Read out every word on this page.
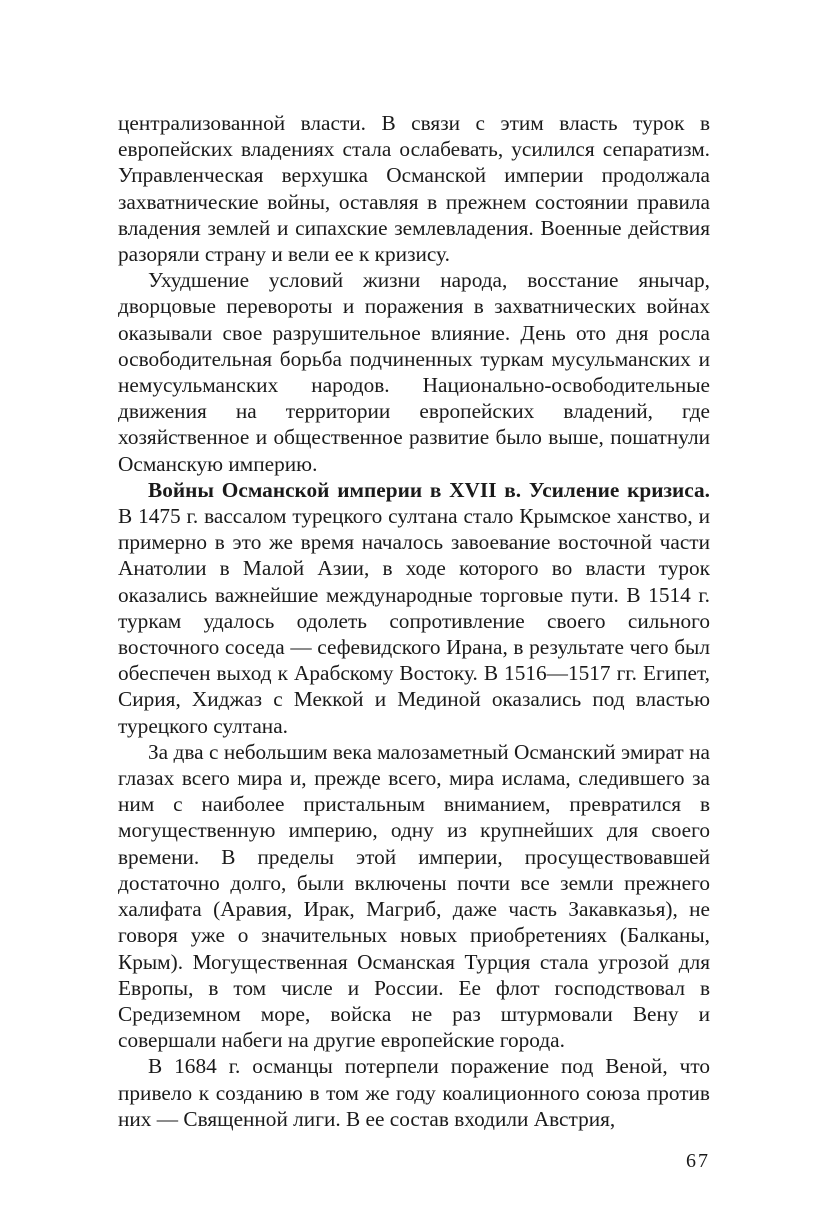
централизованной власти. В связи с этим власть турок в европейских владениях стала ослабевать, усилился сепаратизм. Управленческая верхушка Османской империи продолжала захватнические войны, оставляя в прежнем состоянии правила владения землей и сипахские землевладения. Военные действия разоряли страну и вели ее к кризису.

Ухудшение условий жизни народа, восстание янычар, дворцовые перевороты и поражения в захватнических войнах оказывали свое разрушительное влияние. День ото дня росла освободительная борьба подчиненных туркам мусульманских и немусульманских народов. Национально-освободительные движения на территории европейских владений, где хозяйственное и общественное развитие было выше, пошатнули Османскую империю.

Войны Османской империи в XVII в. Усиление кризиса. В 1475 г. вассалом турецкого султана стало Крымское ханство, и примерно в это же время началось завоевание восточной части Анатолии в Малой Азии, в ходе которого во власти турок оказались важнейшие международные торговые пути. В 1514 г. туркам удалось одолеть сопротивление своего сильного восточного соседа — сефевидского Ирана, в результате чего был обеспечен выход к Арабскому Востоку. В 1516—1517 гг. Египет, Сирия, Хиджаз с Меккой и Мединой оказались под властью турецкого султана.

За два с небольшим века малозаметный Османский эмират на глазах всего мира и, прежде всего, мира ислама, следившего за ним с наиболее пристальным вниманием, превратился в могущественную империю, одну из крупнейших для своего времени. В пределы этой империи, просуществовавшей достаточно долго, были включены почти все земли прежнего халифата (Аравия, Ирак, Магриб, даже часть Закавказья), не говоря уже о значительных новых приобретениях (Балканы, Крым). Могущественная Османская Турция стала угрозой для Европы, в том числе и России. Ее флот господствовал в Средиземном море, войска не раз штурмовали Вену и совершали набеги на другие европейские города.

В 1684 г. османцы потерпели поражение под Веной, что привело к созданию в том же году коалиционного союза против них — Священной лиги. В ее состав входили Австрия,

67
